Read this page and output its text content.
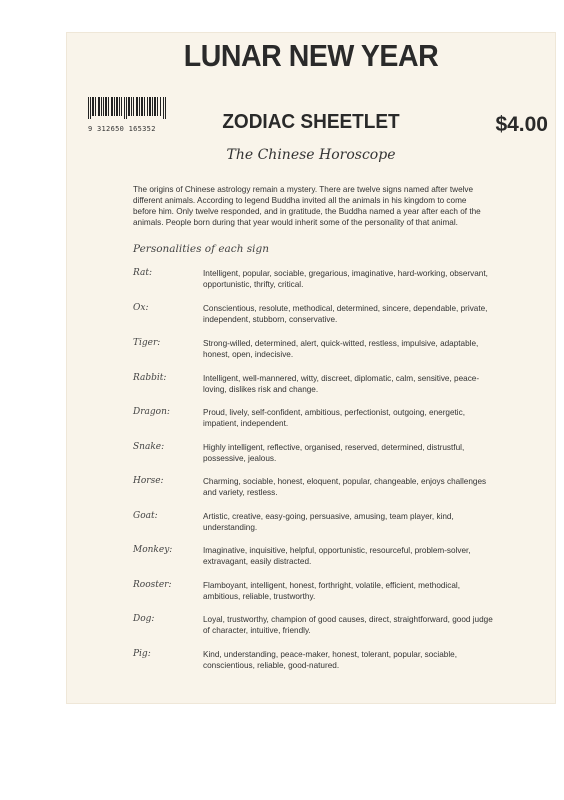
9 312650 165352
LUNAR NEW YEAR
ZODIAC SHEETLET	$4.00
The Chinese Horoscope
The origins of Chinese astrology remain a mystery. There are twelve signs named after twelve different animals. According to legend Buddha invited all the animals in his kingdom to come before him. Only twelve responded, and in gratitude, the Buddha named a year after each of the animals. People born during that year would inherit some of the personality of that animal.
Personalities of each sign
Rat:	Intelligent, popular, sociable, gregarious, imaginative, hard-working, observant, opportunistic, thrifty, critical.
Ox:	Conscientious, resolute, methodical, determined, sincere, dependable, private, independent, stubborn, conservative.
Tiger:	Strong-willed, determined, alert, quick-witted, restless, impulsive, adaptable, honest, open, indecisive.
Rabbit:	Intelligent, well-mannered, witty, discreet, diplomatic, calm, sensitive, peace-loving, dislikes risk and change.
Dragon:	Proud, lively, self-confident, ambitious, perfectionist, outgoing, energetic, impatient, independent.
Snake:	Highly intelligent, reflective, organised, reserved, determined, distrustful, possessive, jealous.
Horse:	Charming, sociable, honest, eloquent, popular, changeable, enjoys challenges and variety, restless.
Goat:	Artistic, creative, easy-going, persuasive, amusing, team player, kind, understanding.
Monkey:	Imaginative, inquisitive, helpful, opportunistic, resourceful, problem-solver, extravagant, easily distracted.
Rooster:	Flamboyant, intelligent, honest, forthright, volatile, efficient, methodical, ambitious, reliable, trustworthy.
Dog:	Loyal, trustworthy, champion of good causes, direct, straightforward, good judge of character, intuitive, friendly.
Pig:	Kind, understanding, peace-maker, honest, tolerant, popular, sociable, conscientious, reliable, good-natured.
